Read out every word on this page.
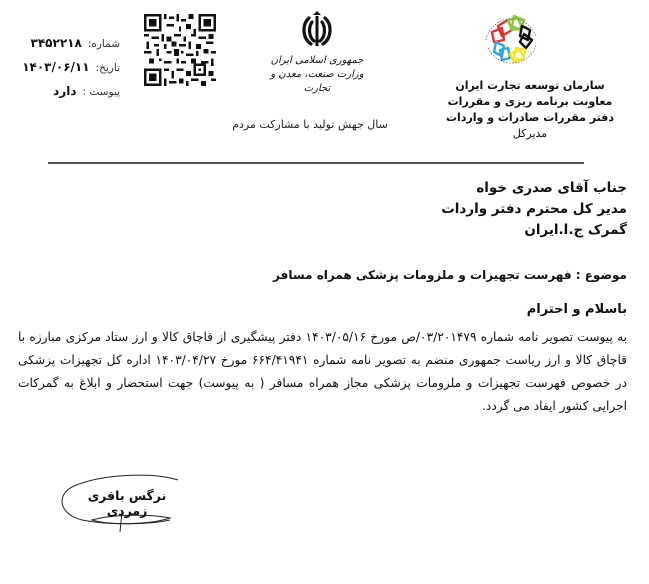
شماره:
۳۴۵۲۲۱۸
تاریخ:
۱۴۰۳/۰۶/۱۱
پیوست :
دارد
جمهوری اسلامی ایران
وزارت صنعت، معدن و تجارت
سال جهش تولید با مشارکت مردم
سازمان توسعه تجارت ایران
معاونت برنامه ریزی و مقررات
دفتر مقررات صادرات و واردات
مدیرکل
جناب آقای صدری خواه
مدیر کل محترم دفتر واردات
گمرک ج.ا.ایران
موضوع : فهرست تجهیزات و ملزومات پزشکی همراه مسافر
باسلام و احترام
به پیوست تصویر نامه شماره ۰۳/۲۰۱۴۷۹/ص مورخ ۱۴۰۳/۰۵/۱۶ دفتر پیشگیری از قاچاق کالا و ارز ستاد مرکزی مبارزه با قاچاق کالا و ارز ریاست جمهوری منضم به تصویر نامه شماره ۶۶۴/۴۱۹۴۱ مورخ ۱۴۰۳/۰۴/۲۷ اداره کل تجهیزات پزشکی در خصوص فهرست تجهیزات و ملزومات پزشکی مجاز همراه مسافر ( به پیوست) جهت استحضار و ابلاغ به گمرکات اجرایی کشور ایفاد می گردد.
نرگس باقری زمردی
